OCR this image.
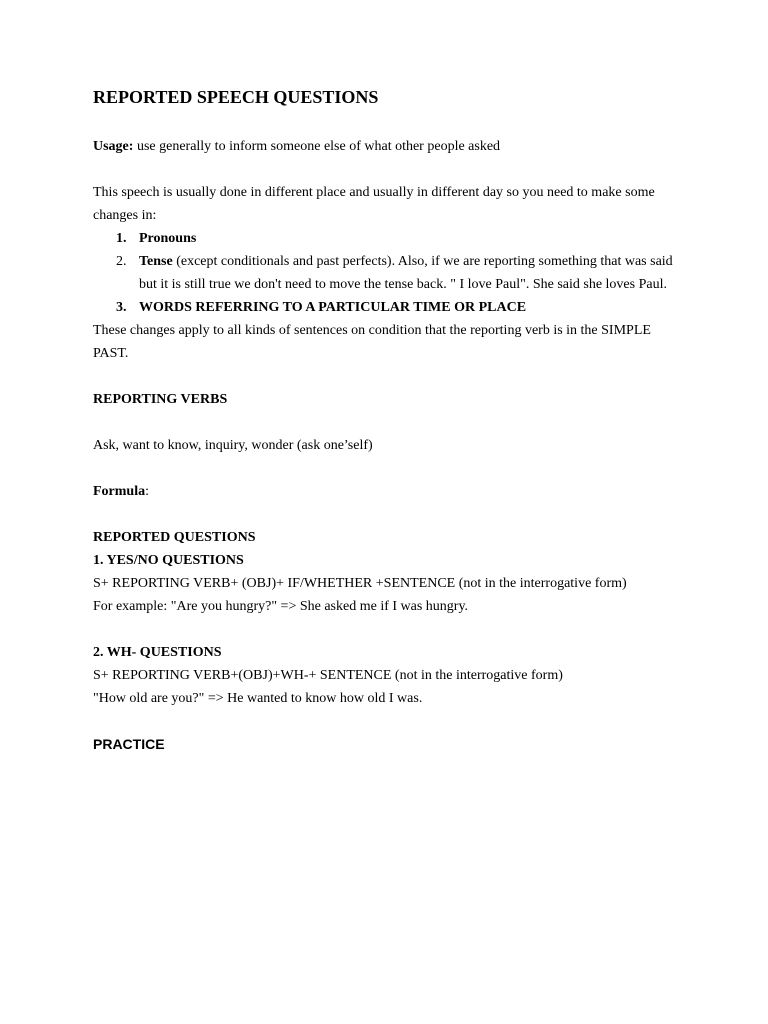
REPORTED SPEECH QUESTIONS

Usage: use generally to inform someone else of what other people asked

This speech is usually done in different place and usually in different day so you need to make some changes in:

1. Pronouns
2. Tense (except conditionals and past perfects). Also, if we are reporting something that was said but it is still true we don't need to move the tense back. " I love Paul". She said she loves Paul.
3. WORDS REFERRING TO A PARTICULAR TIME OR PLACE

These changes apply to all kinds of sentences on condition that the reporting verb is in the SIMPLE PAST.

REPORTING VERBS

Ask, want to know, inquiry, wonder (ask one’self)

Formula:

REPORTED QUESTIONS

1. YES/NO QUESTIONS

S+ REPORTING VERB+ (OBJ)+ IF/WHETHER +SENTENCE (not in the interrogative form)

For example: "Are you hungry?" => She asked me if I was hungry.

2. WH- QUESTIONS

S+ REPORTING VERB+(OBJ)+WH-+ SENTENCE (not in the interrogative form)

"How old are you?" => He wanted to know how old I was.

PRACTICE
